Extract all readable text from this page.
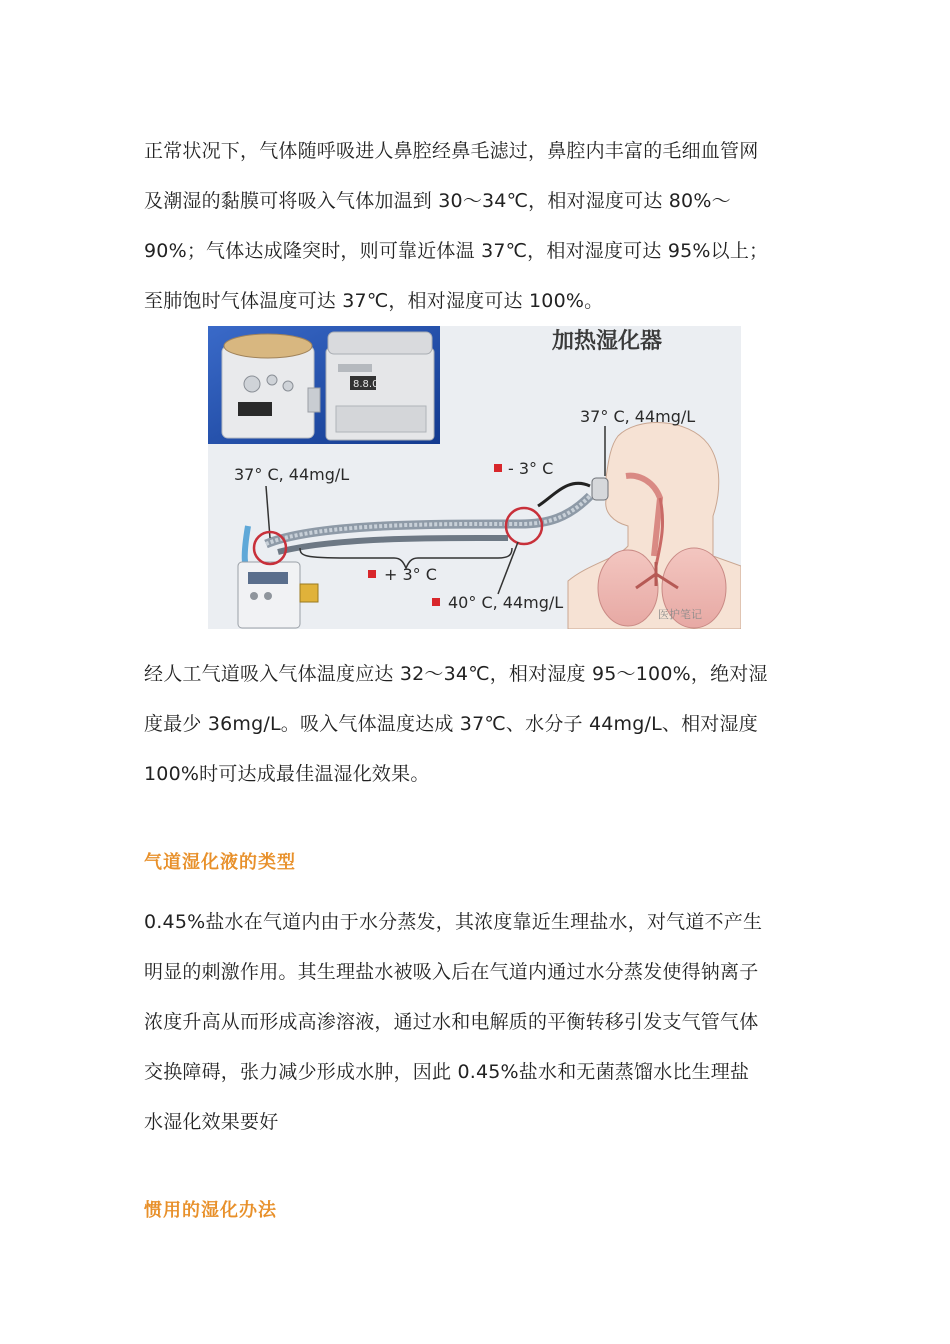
正常状况下，气体随呼吸进人鼻腔经鼻毛滤过，鼻腔内丰富的毛细血管网
及潮湿的黏膜可将吸入气体加温到 30～34℃，相对湿度可达 80%～
90%；气体达成隆突时，则可靠近体温 37℃，相对湿度可达 95%以上；
至肺饱时气体温度可达 37℃，相对湿度可达 100%。
8.8.0
加热湿化器
37° C, 44mg/L
- 3° C
37° C, 44mg/L
+ 3° C
40° C, 44mg/L
医护笔记
经人工气道吸入气体温度应达 32～34℃，相对湿度 95～100%，绝对湿
度最少 36mg/L。吸入气体温度达成 37℃、水分子 44mg/L、相对湿度
100%时可达成最佳温湿化效果。
气道湿化液的类型
0.45%盐水在气道内由于水分蒸发，其浓度靠近生理盐水，对气道不产生
明显的刺激作用。其生理盐水被吸入后在气道内通过水分蒸发使得钠离子
浓度升高从而形成高渗溶液，通过水和电解质的平衡转移引发支气管气体
交换障碍，张力减少形成水肿，因此 0.45%盐水和无菌蒸馏水比生理盐
水湿化效果要好
惯用的湿化办法
